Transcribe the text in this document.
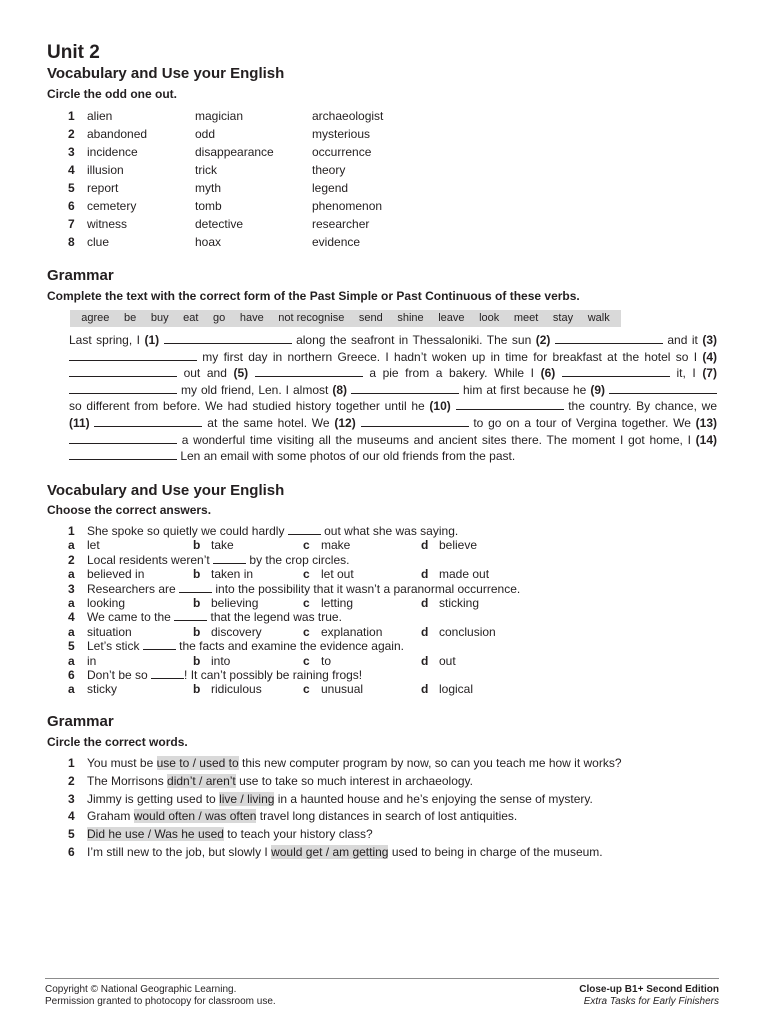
Unit 2
Vocabulary and Use your English
Circle the odd one out.
1 alien	magician	archaeologist
2 abandoned	odd	mysterious
3 incidence	disappearance	occurrence
4 illusion	trick	theory
5 report	myth	legend
6 cemetery	tomb	phenomenon
7 witness	detective	researcher
8 clue	hoax	evidence
Grammar
Complete the text with the correct form of the Past Simple or Past Continuous of these verbs.
agree be buy eat go have not recognise send shine leave look meet stay walk
Last spring, I (1)	along the seafront in Thessaloniki. The sun (2)	and it (3)  my first day in northern Greece. I hadn’t woken up in time for breakfast at the hotel so I (4)  out and (5)	a pie from a bakery. While I (6)	it, I (7)  my old friend, Len. I almost (8)	him at first because he (9)  so different from before. We had studied history together until he (10)	the country. By chance, we (11)	at the same hotel. We (12)	to go on a tour of Vergina together. We (13)  a wonderful time visiting all the museums and ancient sites there. The moment I got home, I (14)  Len an email with some photos of our old friends from the past.
Vocabulary and Use your English
Choose the correct answers.
1 She spoke so quietly we could hardly	out what she was saying.
a let	b take	c make	d believe
2 Local residents weren’t	by the crop circles.
a believed in	b taken in	c let out	d made out
3 Researchers are	into the possibility that it wasn’t a paranormal occurrence.
a looking	b believing	c letting	d sticking
4 We came to the	that the legend was true.
a situation	b discovery	c explanation	d conclusion
5 Let’s stick	the facts and examine the evidence again.
a in	b into	c to	d out
6 Don’t be so	! It can’t possibly be raining frogs!
a sticky	b ridiculous	c unusual	d logical
Grammar
Circle the correct words.
1 You must be use to / used to this new computer program by now, so can you teach me how it works?
2 The Morrisons didn’t / aren’t use to take so much interest in archaeology.
3 Jimmy is getting used to live / living in a haunted house and he’s enjoying the sense of mystery.
4 Graham would often / was often travel long distances in search of lost antiquities.
5 Did he use / Was he used to teach your history class?
6 I’m still new to the job, but slowly I would get / am getting used to being in charge of the museum.
Copyright © National Geographic Learning.
Permission granted to photocopy for classroom use.
Close-up B1+ Second Edition
Extra Tasks for Early Finishers
